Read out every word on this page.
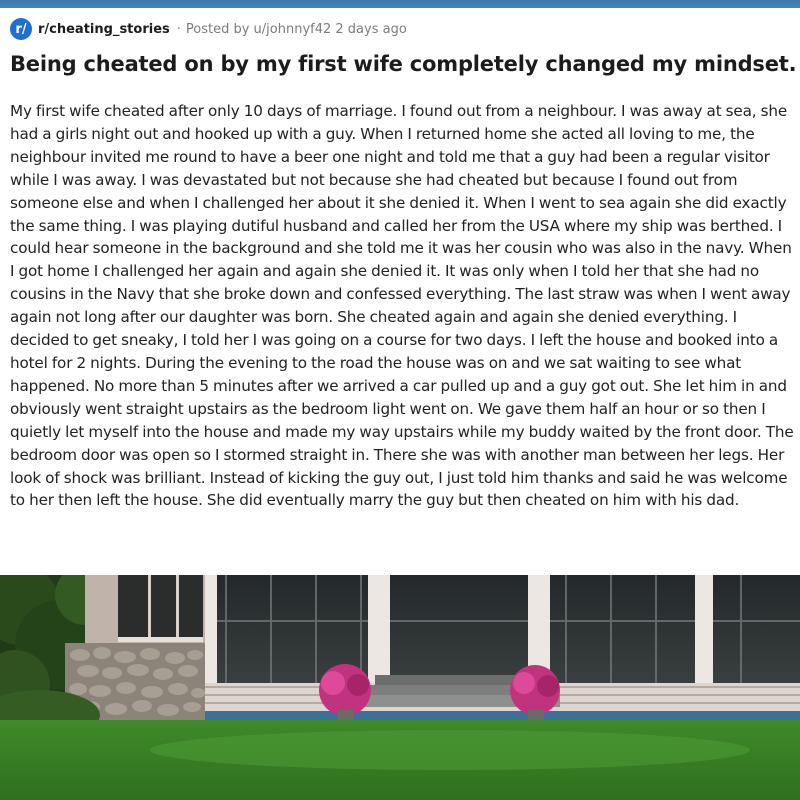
r/ r/cheating_stories · Posted by u/johnnyf42 2 days ago
Being cheated on by my first wife completely changed my mindset.

My first wife cheated after only 10 days of marriage. I found out from a neighbour. I was away at sea, she had a girls night out and hooked up with a guy. When I returned home she acted all loving to me, the neighbour invited me round to have a beer one night and told me that a guy had been a regular visitor while I was away. I was devastated but not because she had cheated but because I found out from someone else and when I challenged her about it she denied it. When I went to sea again she did exactly the same thing. I was playing dutiful husband and called her from the USA where my ship was berthed. I could hear someone in the background and she told me it was her cousin who was also in the navy. When I got home I challenged her again and again she denied it. It was only when I told her that she had no cousins in the Navy that she broke down and confessed everything. The last straw was when I went away again not long after our daughter was born. She cheated again and again she denied everything. I decided to get sneaky, I told her I was going on a course for two days. I left the house and booked into a hotel for 2 nights. During the evening to the road the house was on and we sat waiting to see what happened. No more than 5 minutes after we arrived a car pulled up and a guy got out. She let him in and obviously went straight upstairs as the bedroom light went on. We gave them half an hour or so then I quietly let myself into the house and made my way upstairs while my buddy waited by the front door. The bedroom door was open so I stormed straight in. There she was with another man between her legs. Her look of shock was brilliant. Instead of kicking the guy out, I just told him thanks and said he was welcome to her then left the house. She did eventually marry the guy but then cheated on him with his dad.
